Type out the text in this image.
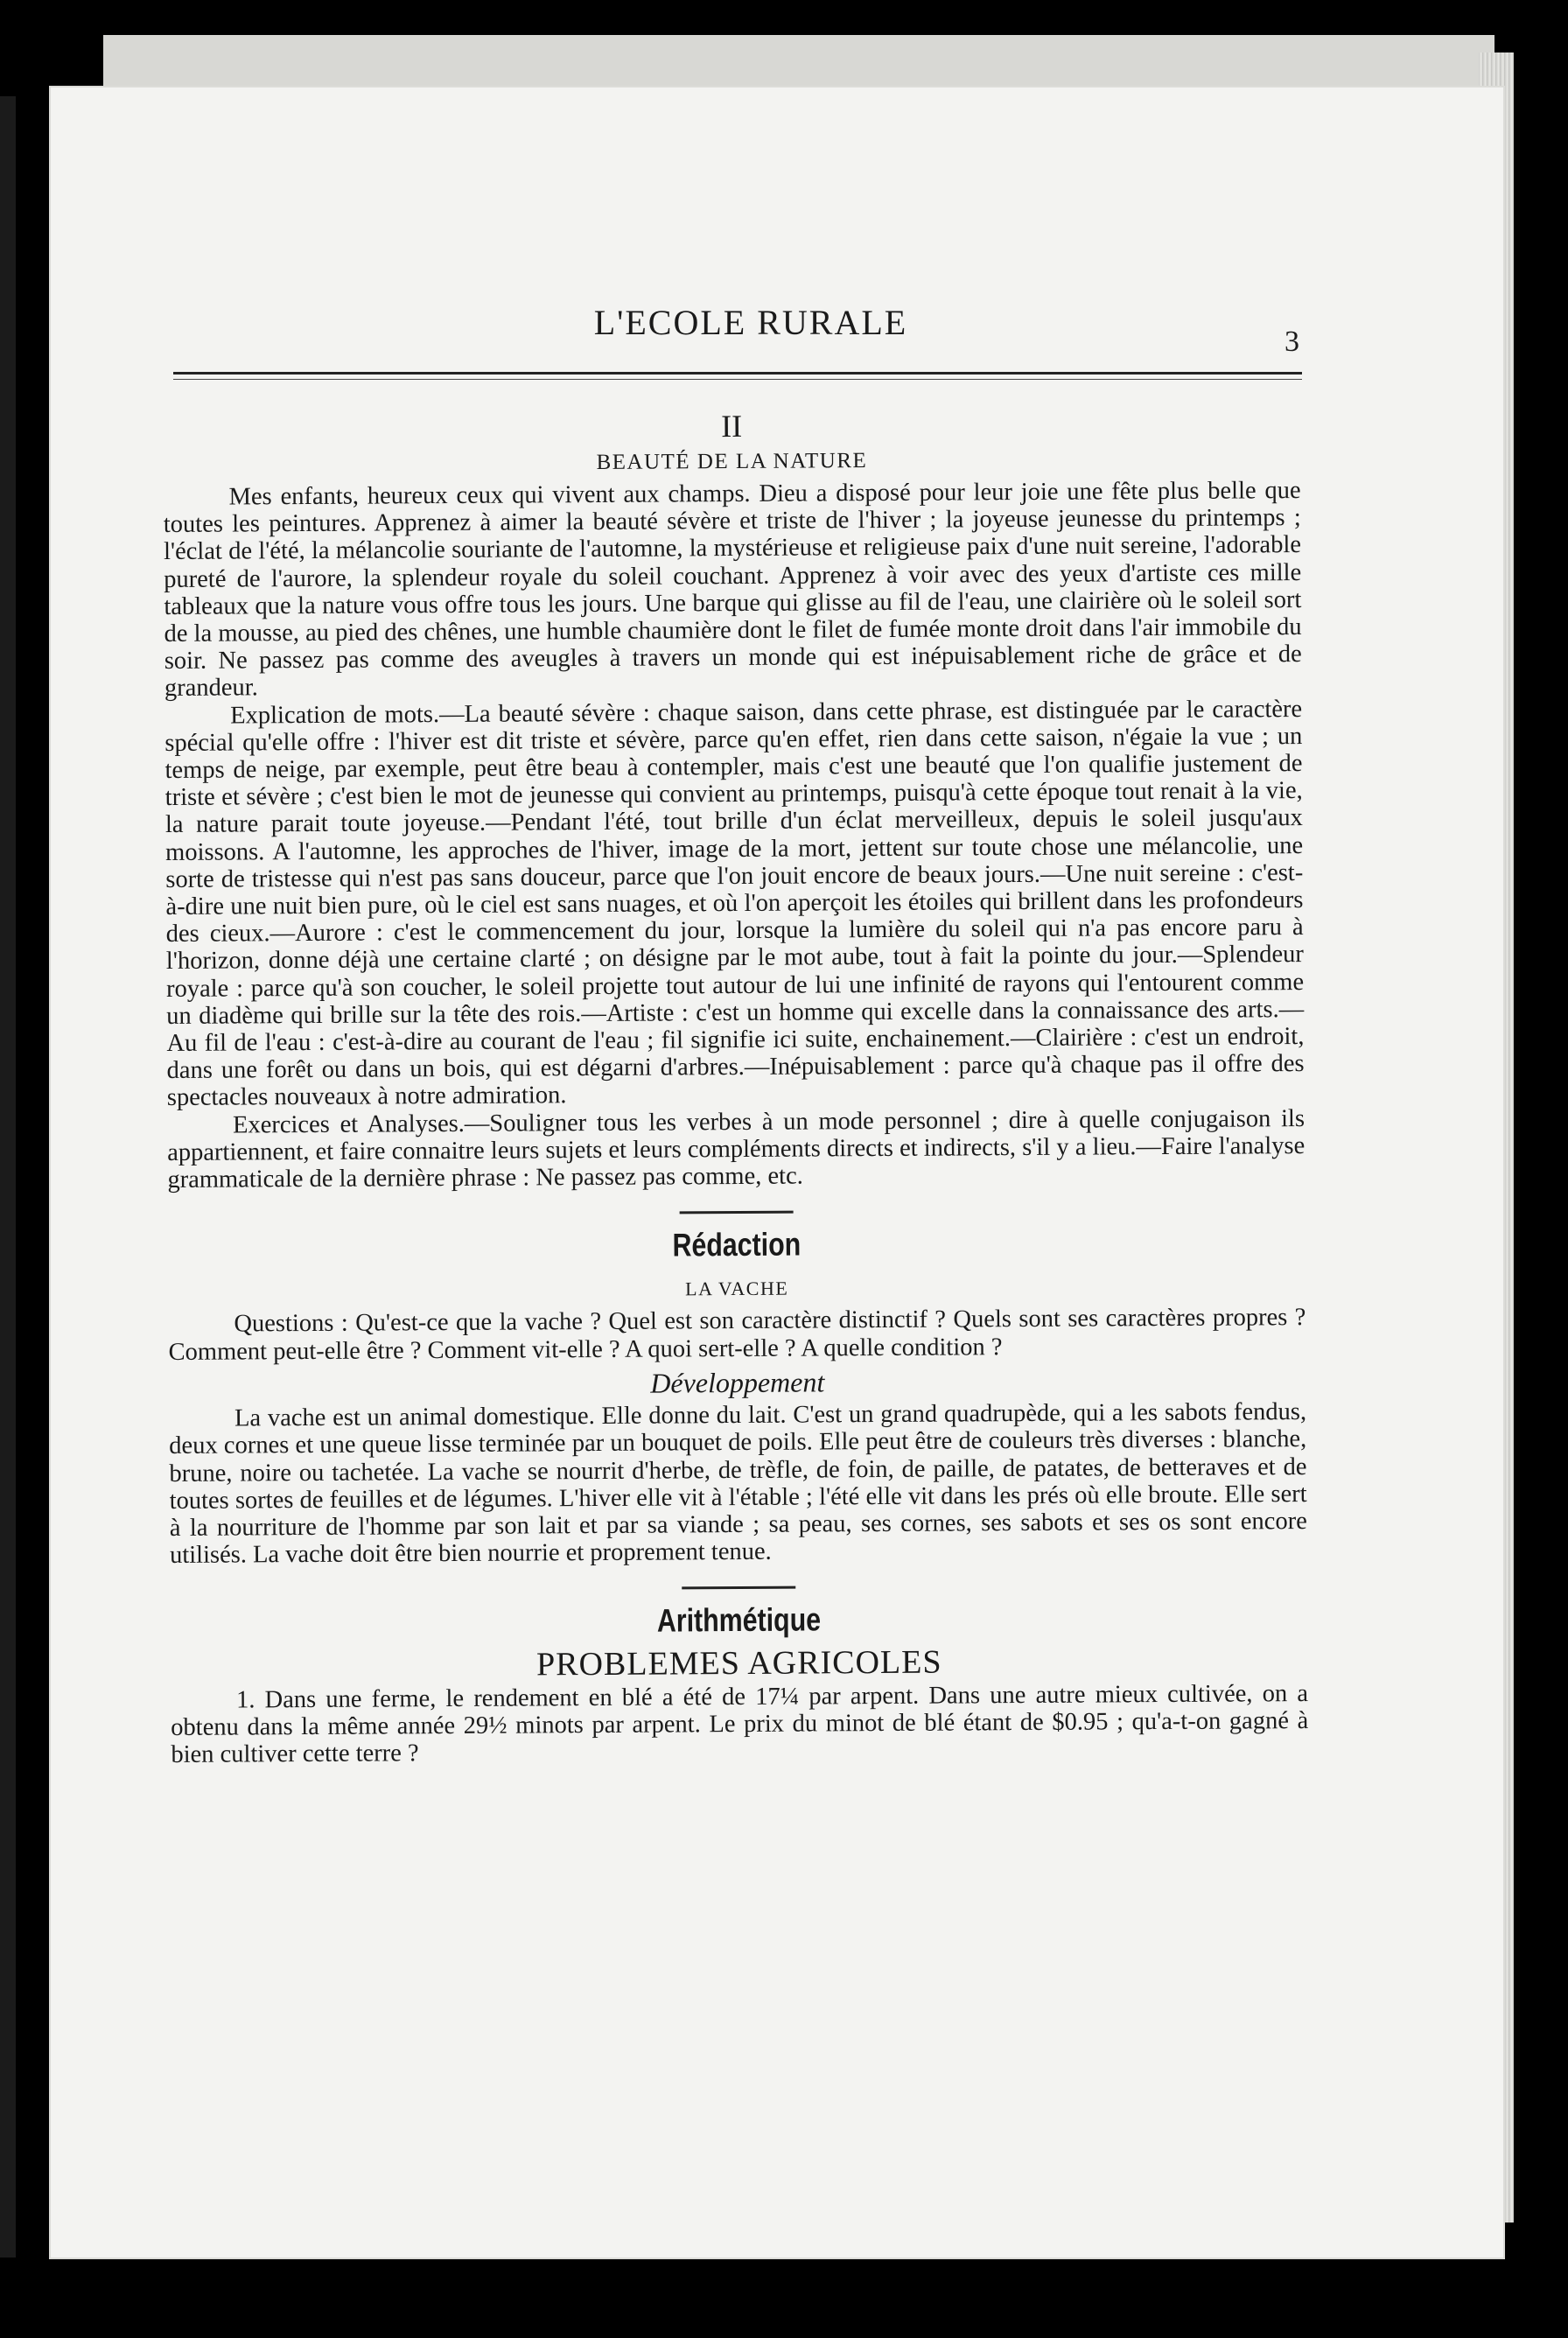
L'ECOLE RURALE	3
II
BEAUTÉ DE LA NATURE

Mes enfants, heureux ceux qui vivent aux champs. Dieu a disposé pour leur joie une fête plus belle que toutes les peintures. Apprenez à aimer la beauté sévère et triste de l'hiver ; la joyeuse jeunesse du printemps ; l'éclat de l'été, la mélancolie souriante de l'automne, la mystérieuse et religieuse paix d'une nuit sereine, l'adorable pureté de l'aurore, la splendeur royale du soleil couchant. Apprenez à voir avec des yeux d'artiste ces mille tableaux que la nature vous offre tous les jours. Une barque qui glisse au fil de l'eau, une clairière où le soleil sort de la mousse, au pied des chênes, une humble chaumière dont le filet de fumée monte droit dans l'air immobile du soir. Ne passez pas comme des aveugles à travers un monde qui est inépuisablement riche de grâce et de grandeur.

Explication de mots.—La beauté sévère : chaque saison, dans cette phrase, est distinguée par le caractère spécial qu'elle offre : l'hiver est dit triste et sévère, parce qu'en effet, rien dans cette saison, n'égaie la vue ; un temps de neige, par exemple, peut être beau à contempler, mais c'est une beauté que l'on qualifie justement de triste et sévère ; c'est bien le mot de jeunesse qui convient au printemps, puisqu'à cette époque tout renait à la vie, la nature parait toute joyeuse.—Pendant l'été, tout brille d'un éclat merveilleux, depuis le soleil jusqu'aux moissons. A l'automne, les approches de l'hiver, image de la mort, jettent sur toute chose une mélancolie, une sorte de tristesse qui n'est pas sans douceur, parce que l'on jouit encore de beaux jours.—Une nuit sereine : c'est-à-dire une nuit bien pure, où le ciel est sans nuages, et où l'on aperçoit les étoiles qui brillent dans les profondeurs des cieux.—Aurore : c'est le commencement du jour, lorsque la lumière du soleil qui n'a pas encore paru à l'horizon, donne déjà une certaine clarté ; on désigne par le mot aube, tout à fait la pointe du jour.—Splendeur royale : parce qu'à son coucher, le soleil projette tout autour de lui une infinité de rayons qui l'entourent comme un diadème qui brille sur la tête des rois.—Artiste : c'est un homme qui excelle dans la connaissance des arts.—Au fil de l'eau : c'est-à-dire au courant de l'eau ; fil signifie ici suite, enchainement.—Clairière : c'est un endroit, dans une forêt ou dans un bois, qui est dégarni d'arbres.—Inépuisablement : parce qu'à chaque pas il offre des spectacles nouveaux à notre admiration.

Exercices et Analyses.—Souligner tous les verbes à un mode personnel ; dire à quelle conjugaison ils appartiennent, et faire connaitre leurs sujets et leurs compléments directs et indirects, s'il y a lieu.—Faire l'analyse grammaticale de la dernière phrase : Ne passez pas comme, etc.

Rédaction
LA VACHE

Questions : Qu'est-ce que la vache ? Quel est son caractère distinctif ? Quels sont ses caractères propres ? Comment peut-elle être ? Comment vit-elle ? A quoi sert-elle ? A quelle condition ?

Développement

La vache est un animal domestique. Elle donne du lait. C'est un grand quadrupède, qui a les sabots fendus, deux cornes et une queue lisse terminée par un bouquet de poils. Elle peut être de couleurs très diverses : blanche, brune, noire ou tachetée. La vache se nourrit d'herbe, de trèfle, de foin, de paille, de patates, de betteraves et de toutes sortes de feuilles et de légumes. L'hiver elle vit à l'étable ; l'été elle vit dans les prés où elle broute. Elle sert à la nourriture de l'homme par son lait et par sa viande ; sa peau, ses cornes, ses sabots et ses os sont encore utilisés. La vache doit être bien nourrie et proprement tenue.

Arithmétique
PROBLEMES AGRICOLES

1. Dans une ferme, le rendement en blé a été de 17¼ par arpent. Dans une autre mieux cultivée, on a obtenu dans la même année 29½ minots par arpent. Le prix du minot de blé étant de $0.95 ; qu'a-t-on gagné à bien cultiver cette terre ?
